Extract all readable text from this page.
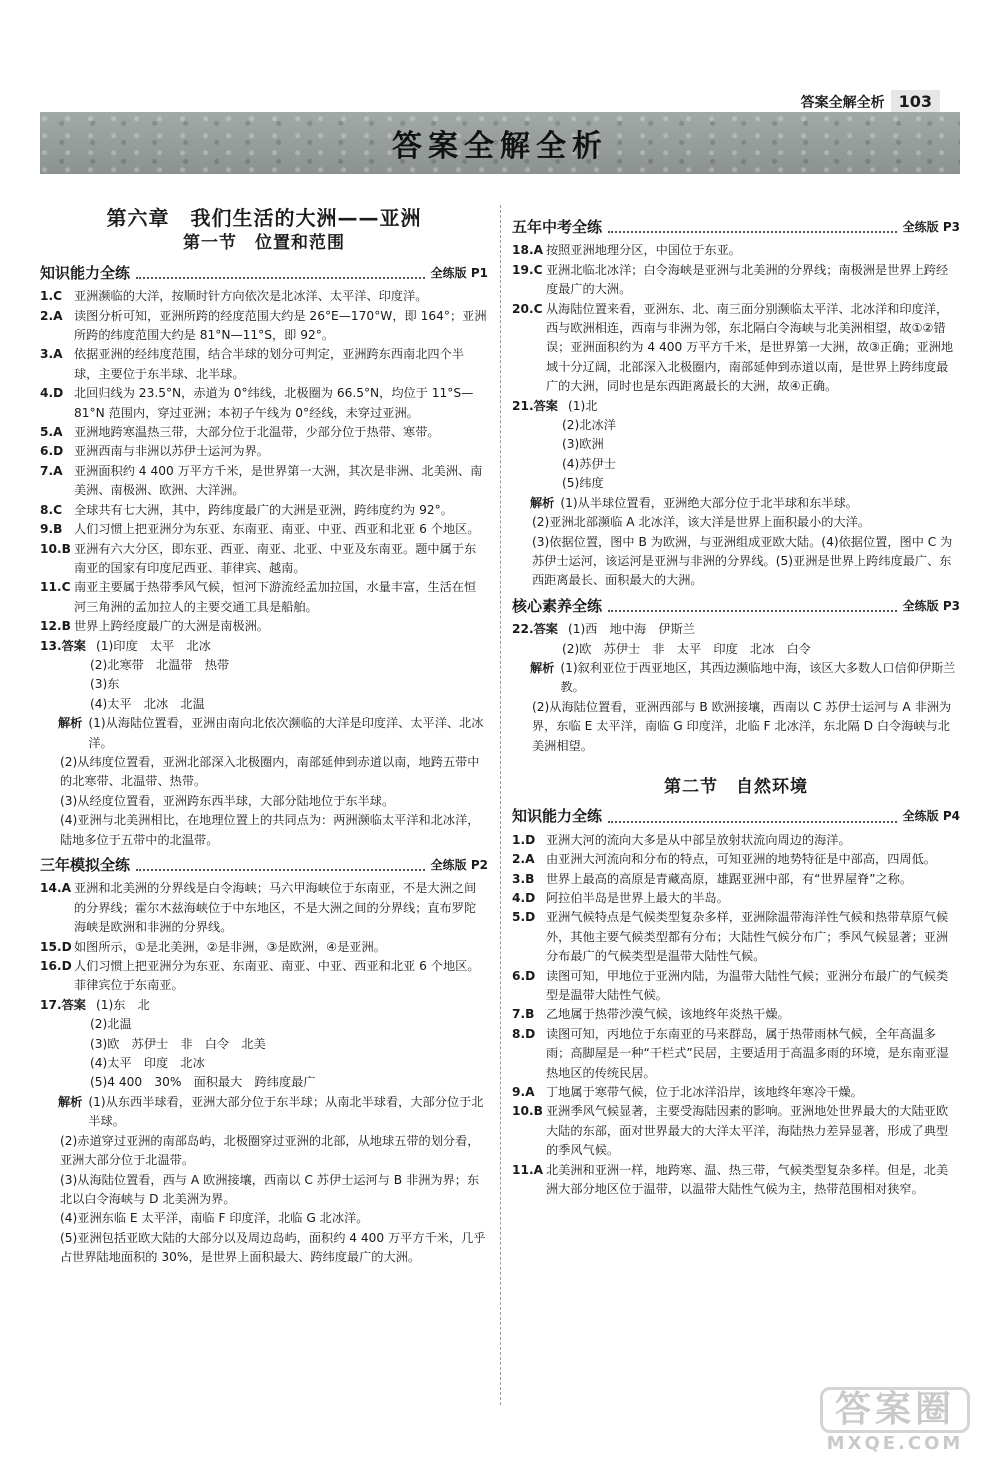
答案全解全析 103
答案全解全析
第六章　我们生活的大洲——亚洲
第一节　位置和范围
知识能力全练	全练版 P1
1.C 亚洲濒临的大洋，按顺时针方向依次是北冰洋、太平洋、印度洋。
2.A 读图分析可知，亚洲所跨的经度范围大约是 26°E—170°W，即 164°；亚洲所跨的纬度范围大约是 81°N—11°S，即 92°。
3.A 依据亚洲的经纬度范围，结合半球的划分可判定，亚洲跨东西南北四个半球，主要位于东半球、北半球。
4.D 北回归线为 23.5°N，赤道为 0°纬线，北极圈为 66.5°N，均位于 11°S—81°N 范围内，穿过亚洲；本初子午线为 0°经线，未穿过亚洲。
5.A 亚洲地跨寒温热三带，大部分位于北温带，少部分位于热带、寒带。
6.D 亚洲西南与非洲以苏伊士运河为界。
7.A 亚洲面积约 4 400 万平方千米，是世界第一大洲，其次是非洲、北美洲、南美洲、南极洲、欧洲、大洋洲。
8.C 全球共有七大洲，其中，跨纬度最广的大洲是亚洲，跨纬度约为 92°。
9.B 人们习惯上把亚洲分为东亚、东南亚、南亚、中亚、西亚和北亚 6 个地区。
10.B 亚洲有六大分区，即东亚、西亚、南亚、北亚、中亚及东南亚。题中属于东南亚的国家有印度尼西亚、菲律宾、越南。
11.C 南亚主要属于热带季风气候，恒河下游流经孟加拉国，水量丰富，生活在恒河三角洲的孟加拉人的主要交通工具是船舶。
12.B 世界上跨经度最广的大洲是南极洲。
13.答案 (1)印度　太平　北冰
(2)北寒带　北温带　热带
(3)东
(4)太平　北冰　北温
解析 (1)从海陆位置看，亚洲由南向北依次濒临的大洋是印度洋、太平洋、北冰洋。
(2)从纬度位置看，亚洲北部深入北极圈内，南部延伸到赤道以南，地跨五带中的北寒带、北温带、热带。
(3)从经度位置看，亚洲跨东西半球，大部分陆地位于东半球。
(4)亚洲与北美洲相比，在地理位置上的共同点为：两洲濒临太平洋和北冰洋，陆地多位于五带中的北温带。
三年模拟全练	全练版 P2
14.A 亚洲和北美洲的分界线是白令海峡；马六甲海峡位于东南亚，不是大洲之间的分界线；霍尔木兹海峡位于中东地区，不是大洲之间的分界线；直布罗陀海峡是欧洲和非洲的分界线。
15.D 如图所示，①是北美洲，②是非洲，③是欧洲，④是亚洲。
16.D 人们习惯上把亚洲分为东亚、东南亚、南亚、中亚、西亚和北亚 6 个地区。菲律宾位于东南亚。
17.答案 (1)东　北
(2)北温
(3)欧　苏伊士　非　白令　北美
(4)太平　印度　北冰
(5)4 400　30%　面积最大　跨纬度最广
解析 (1)从东西半球看，亚洲大部分位于东半球；从南北半球看，大部分位于北半球。
(2)赤道穿过亚洲的南部岛屿，北极圈穿过亚洲的北部，从地球五带的划分看，亚洲大部分位于北温带。
(3)从海陆位置看，西与 A 欧洲接壤，西南以 C 苏伊士运河与 B 非洲为界；东北以白令海峡与 D 北美洲为界。
(4)亚洲东临 E 太平洋，南临 F 印度洋，北临 G 北冰洋。
(5)亚洲包括亚欧大陆的大部分以及周边岛屿，面积约 4 400 万平方千米，几乎占世界陆地面积的 30%，是世界上面积最大、跨纬度最广的大洲。
五年中考全练	全练版 P3
18.A 按照亚洲地理分区，中国位于东亚。
19.C 亚洲北临北冰洋；白令海峡是亚洲与北美洲的分界线；南极洲是世界上跨经度最广的大洲。
20.C 从海陆位置来看，亚洲东、北、南三面分别濒临太平洋、北冰洋和印度洋，西与欧洲相连，西南与非洲为邻，东北隔白令海峡与北美洲相望，故①②错误；亚洲面积约为 4 400 万平方千米，是世界第一大洲，故③正确；亚洲地域十分辽阔，北部深入北极圈内，南部延伸到赤道以南，是世界上跨纬度最广的大洲，同时也是东西距离最长的大洲，故④正确。
21.答案 (1)北
(2)北冰洋
(3)欧洲
(4)苏伊士
(5)纬度
解析 (1)从半球位置看，亚洲绝大部分位于北半球和东半球。
(2)亚洲北部濒临 A 北冰洋，该大洋是世界上面积最小的大洋。
(3)依据位置，图中 B 为欧洲，与亚洲组成亚欧大陆。(4)依据位置，图中 C 为苏伊士运河，该运河是亚洲与非洲的分界线。(5)亚洲是世界上跨纬度最广、东西距离最长、面积最大的大洲。
核心素养全练	全练版 P3
22.答案 (1)西　地中海　伊斯兰
(2)欧　苏伊士　非　太平　印度　北冰　白令
解析 (1)叙利亚位于西亚地区，其西边濒临地中海，该区大多数人口信仰伊斯兰教。
(2)从海陆位置看，亚洲西部与 B 欧洲接壤，西南以 C 苏伊士运河与 A 非洲为界，东临 E 太平洋，南临 G 印度洋，北临 F 北冰洋，东北隔 D 白令海峡与北美洲相望。
第二节　自然环境
知识能力全练	全练版 P4
1.D 亚洲大河的流向大多是从中部呈放射状流向周边的海洋。
2.A 由亚洲大河流向和分布的特点，可知亚洲的地势特征是中部高，四周低。
3.B 世界上最高的高原是青藏高原，雄踞亚洲中部，有“世界屋脊”之称。
4.D 阿拉伯半岛是世界上最大的半岛。
5.D 亚洲气候特点是气候类型复杂多样，亚洲除温带海洋性气候和热带草原气候外，其他主要气候类型都有分布；大陆性气候分布广；季风气候显著；亚洲分布最广的气候类型是温带大陆性气候。
6.D 读图可知，甲地位于亚洲内陆，为温带大陆性气候；亚洲分布最广的气候类型是温带大陆性气候。
7.B 乙地属于热带沙漠气候，该地终年炎热干燥。
8.D 读图可知，丙地位于东南亚的马来群岛，属于热带雨林气候，全年高温多雨；高脚屋是一种“干栏式”民居，主要适用于高温多雨的环境，是东南亚湿热地区的传统民居。
9.A 丁地属于寒带气候，位于北冰洋沿岸，该地终年寒冷干燥。
10.B 亚洲季风气候显著，主要受海陆因素的影响。亚洲地处世界最大的大陆亚欧大陆的东部，面对世界最大的大洋太平洋，海陆热力差异显著，形成了典型的季风气候。
11.A 北美洲和亚洲一样，地跨寒、温、热三带，气候类型复杂多样。但是，北美洲大部分地区位于温带，以温带大陆性气候为主，热带范围相对狭窄。
答案圈
MXQE.COM
